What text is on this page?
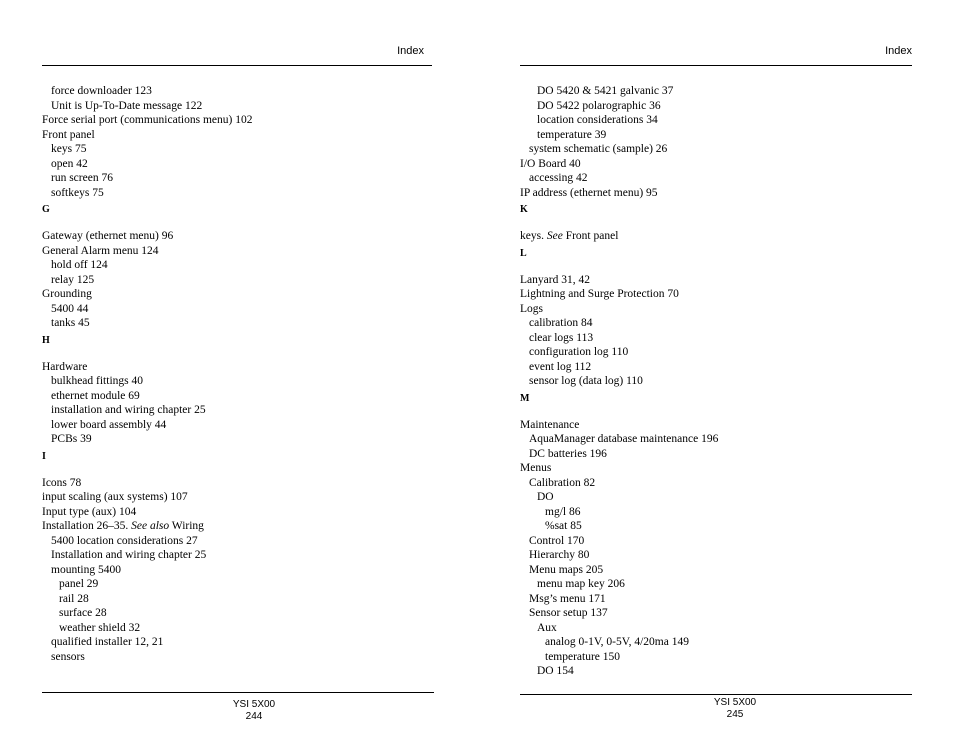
Index
force downloader 123
Unit is Up-To-Date message 122
Force serial port (communications menu) 102
Front panel
keys 75
open 42
run screen 76
softkeys 75
G
Gateway (ethernet menu) 96
General Alarm menu 124
hold off 124
relay 125
Grounding
5400 44
tanks 45
H
Hardware
bulkhead fittings 40
ethernet module 69
installation and wiring chapter 25
lower board assembly 44
PCBs 39
I
Icons 78
input scaling (aux systems) 107
Input type (aux) 104
Installation 26–35. See also Wiring
5400 location considerations 27
Installation and wiring chapter 25
mounting 5400
panel 29
rail 28
surface 28
weather shield 32
qualified installer 12, 21
sensors
YSI 5X00
244
Index
DO 5420 & 5421 galvanic 37
DO 5422 polarographic 36
location considerations 34
temperature 39
system schematic (sample) 26
I/O Board 40
accessing 42
IP address (ethernet menu) 95
K
keys. See Front panel
L
Lanyard 31, 42
Lightning and Surge Protection 70
Logs
calibration 84
clear logs 113
configuration log 110
event log 112
sensor log (data log) 110
M
Maintenance
AquaManager database maintenance 196
DC batteries 196
Menus
Calibration 82
DO
mg/l 86
%sat 85
Control 170
Hierarchy 80
Menu maps 205
menu map key 206
Msg’s menu 171
Sensor setup 137
Aux
analog 0-1V, 0-5V, 4/20ma 149
temperature 150
DO 154
YSI 5X00
245
